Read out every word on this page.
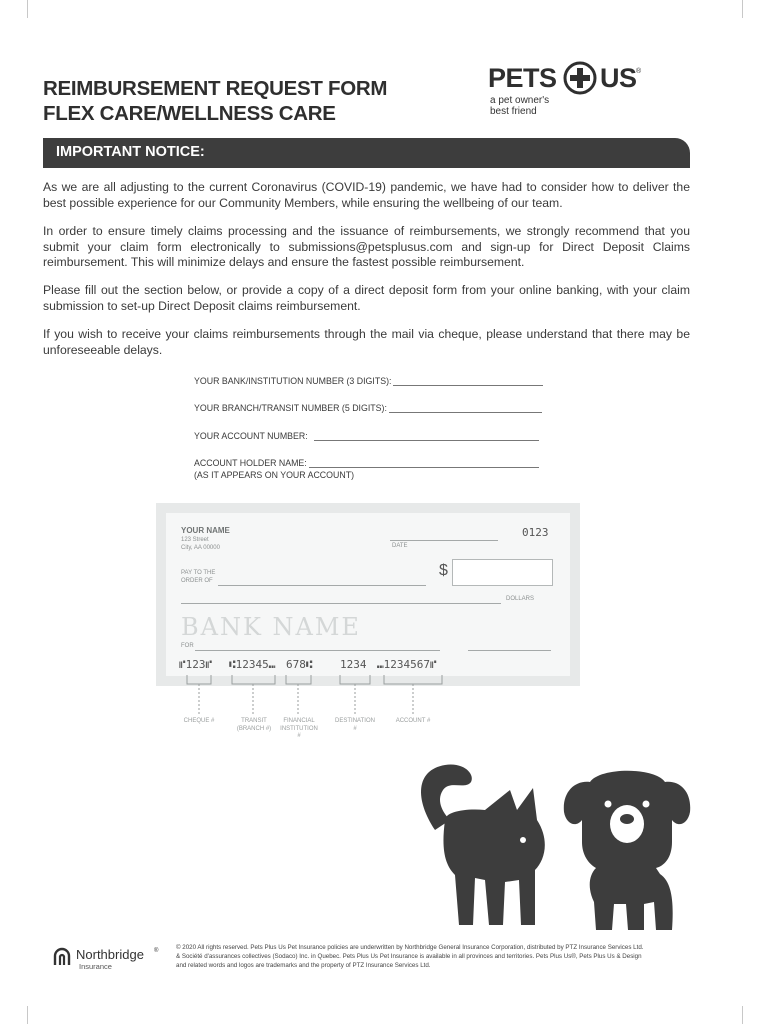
REIMBURSEMENT REQUEST FORM
FLEX CARE/WELLNESS CARE
PETS US ®
a pet owner's
best friend
IMPORTANT NOTICE:
As we are all adjusting to the current Coronavirus (COVID-19) pandemic, we have had to consider how to deliver the best possible experience for our Community Members, while ensuring the wellbeing of our team.
In order to ensure timely claims processing and the issuance of reimbursements, we strongly recommend that you submit your claim form electronically to submissions@petsplusus.com and sign-up for Direct Deposit Claims reimbursement. This will minimize delays and ensure the fastest possible reimbursement.
Please fill out the section below, or provide a copy of a direct deposit form from your online banking, with your claim submission to set-up Direct Deposit claims reimbursement.
If you wish to receive your claims reimbursements through the mail via cheque, please understand that there may be unforeseeable delays.
YOUR BANK/INSTITUTION NUMBER (3 DIGITS):
YOUR BRANCH/TRANSIT NUMBER (5 DIGITS):
YOUR ACCOUNT NUMBER:
ACCOUNT HOLDER NAME:
(AS IT APPEARS ON YOUR ACCOUNT)
YOUR NAME
123 Street
City, AA 00000
0123
DATE
PAY TO THE
ORDER OF
$
DOLLARS
BANK NAME
FOR
⑈123⑈ ⑆12345⑉ 678⑆	1234 ⑉1234567⑈
CHEQUE #	TRANSIT
(BRANCH #)
FINANCIAL
INSTITUTION
#
DESTINATION
#
ACCOUNT #
Northbridge ®
Insurance
© 2020 All rights reserved. Pets Plus Us Pet Insurance policies are underwritten by Northbridge General Insurance Corporation, distributed by PTZ Insurance Services Ltd.
& Société d'assurances collectives (Sodaco) Inc. in Quebec. Pets Plus Us Pet Insurance is available in all provinces and territories. Pets Plus Us®, Pets Plus Us & Design
and related words and logos are trademarks and the property of PTZ Insurance Services Ltd.
